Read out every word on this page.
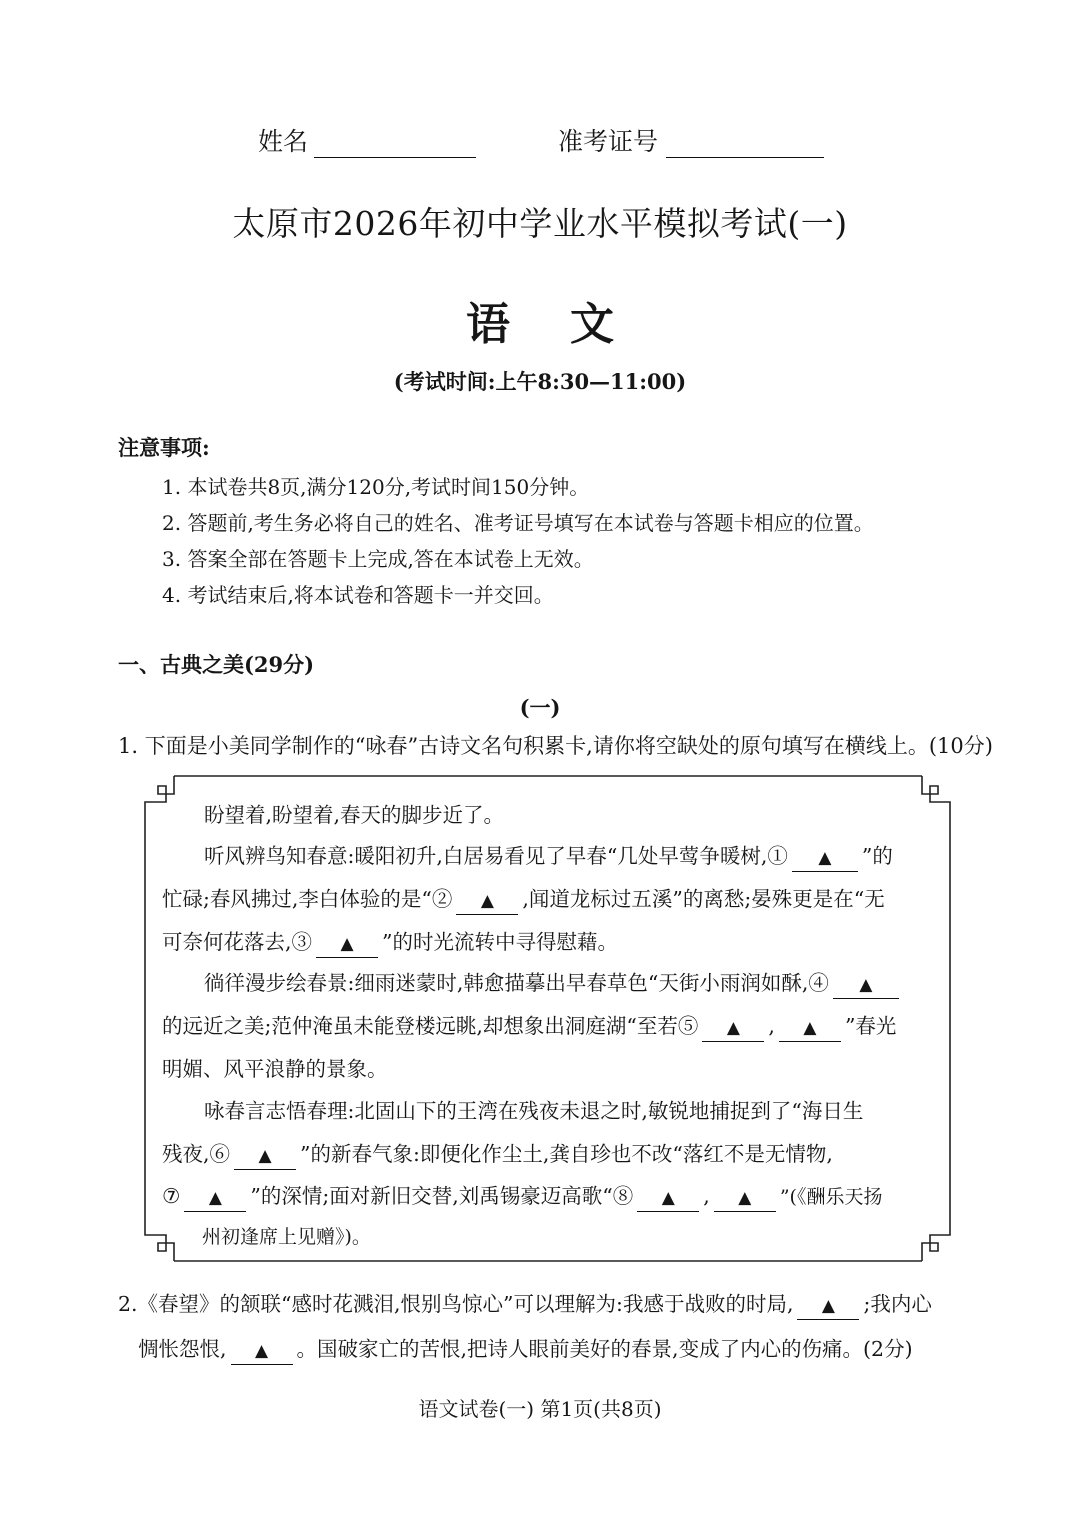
姓名	准考证号
太原市2026年初中学业水平模拟考试(一)
语文
(考试时间:上午8:30—11:00)
注意事项:
1. 本试卷共8页,满分120分,考试时间150分钟。
2. 答题前,考生务必将自己的姓名、准考证号填写在本试卷与答题卡相应的位置。
3. 答案全部在答题卡上完成,答在本试卷上无效。
4. 考试结束后,将本试卷和答题卡一并交回。
一、古典之美(29分)
(一)
1. 下面是小美同学制作的“咏春”古诗文名句积累卡,请你将空缺处的原句填写在横线上。(10分)
盼望着,盼望着,春天的脚步近了。
听风辨鸟知春意:暖阳初升,白居易看见了早春“几处早莺争暖树,① ▲ ”的
忙碌;春风拂过,李白体验的是“② ▲ ,闻道龙标过五溪”的离愁;晏殊更是在“无
可奈何花落去,③ ▲ ”的时光流转中寻得慰藉。
徜徉漫步绘春景:细雨迷蒙时,韩愈描摹出早春草色“天街小雨润如酥,④ ▲
的远近之美;范仲淹虽未能登楼远眺,却想象出洞庭湖“至若⑤ ▲ , ▲ ”春光
明媚、风平浪静的景象。
咏春言志悟春理:北固山下的王湾在残夜未退之时,敏锐地捕捉到了“海日生
残夜,⑥ ▲ ”的新春气象:即便化作尘土,龚自珍也不改“落红不是无情物,
⑦ ▲ ”的深情;面对新旧交替,刘禹锡豪迈高歌“⑧ ▲ , ▲ ”(《酬乐天扬
州初逢席上见赠》)。
2.《春望》的颔联“感时花溅泪,恨别鸟惊心”可以理解为:我感于战败的时局, ▲ ;我内心
惆怅怨恨, ▲ 。国破家亡的苦恨,把诗人眼前美好的春景,变成了内心的伤痛。(2分)
语文试卷(一) 第1页(共8页)
